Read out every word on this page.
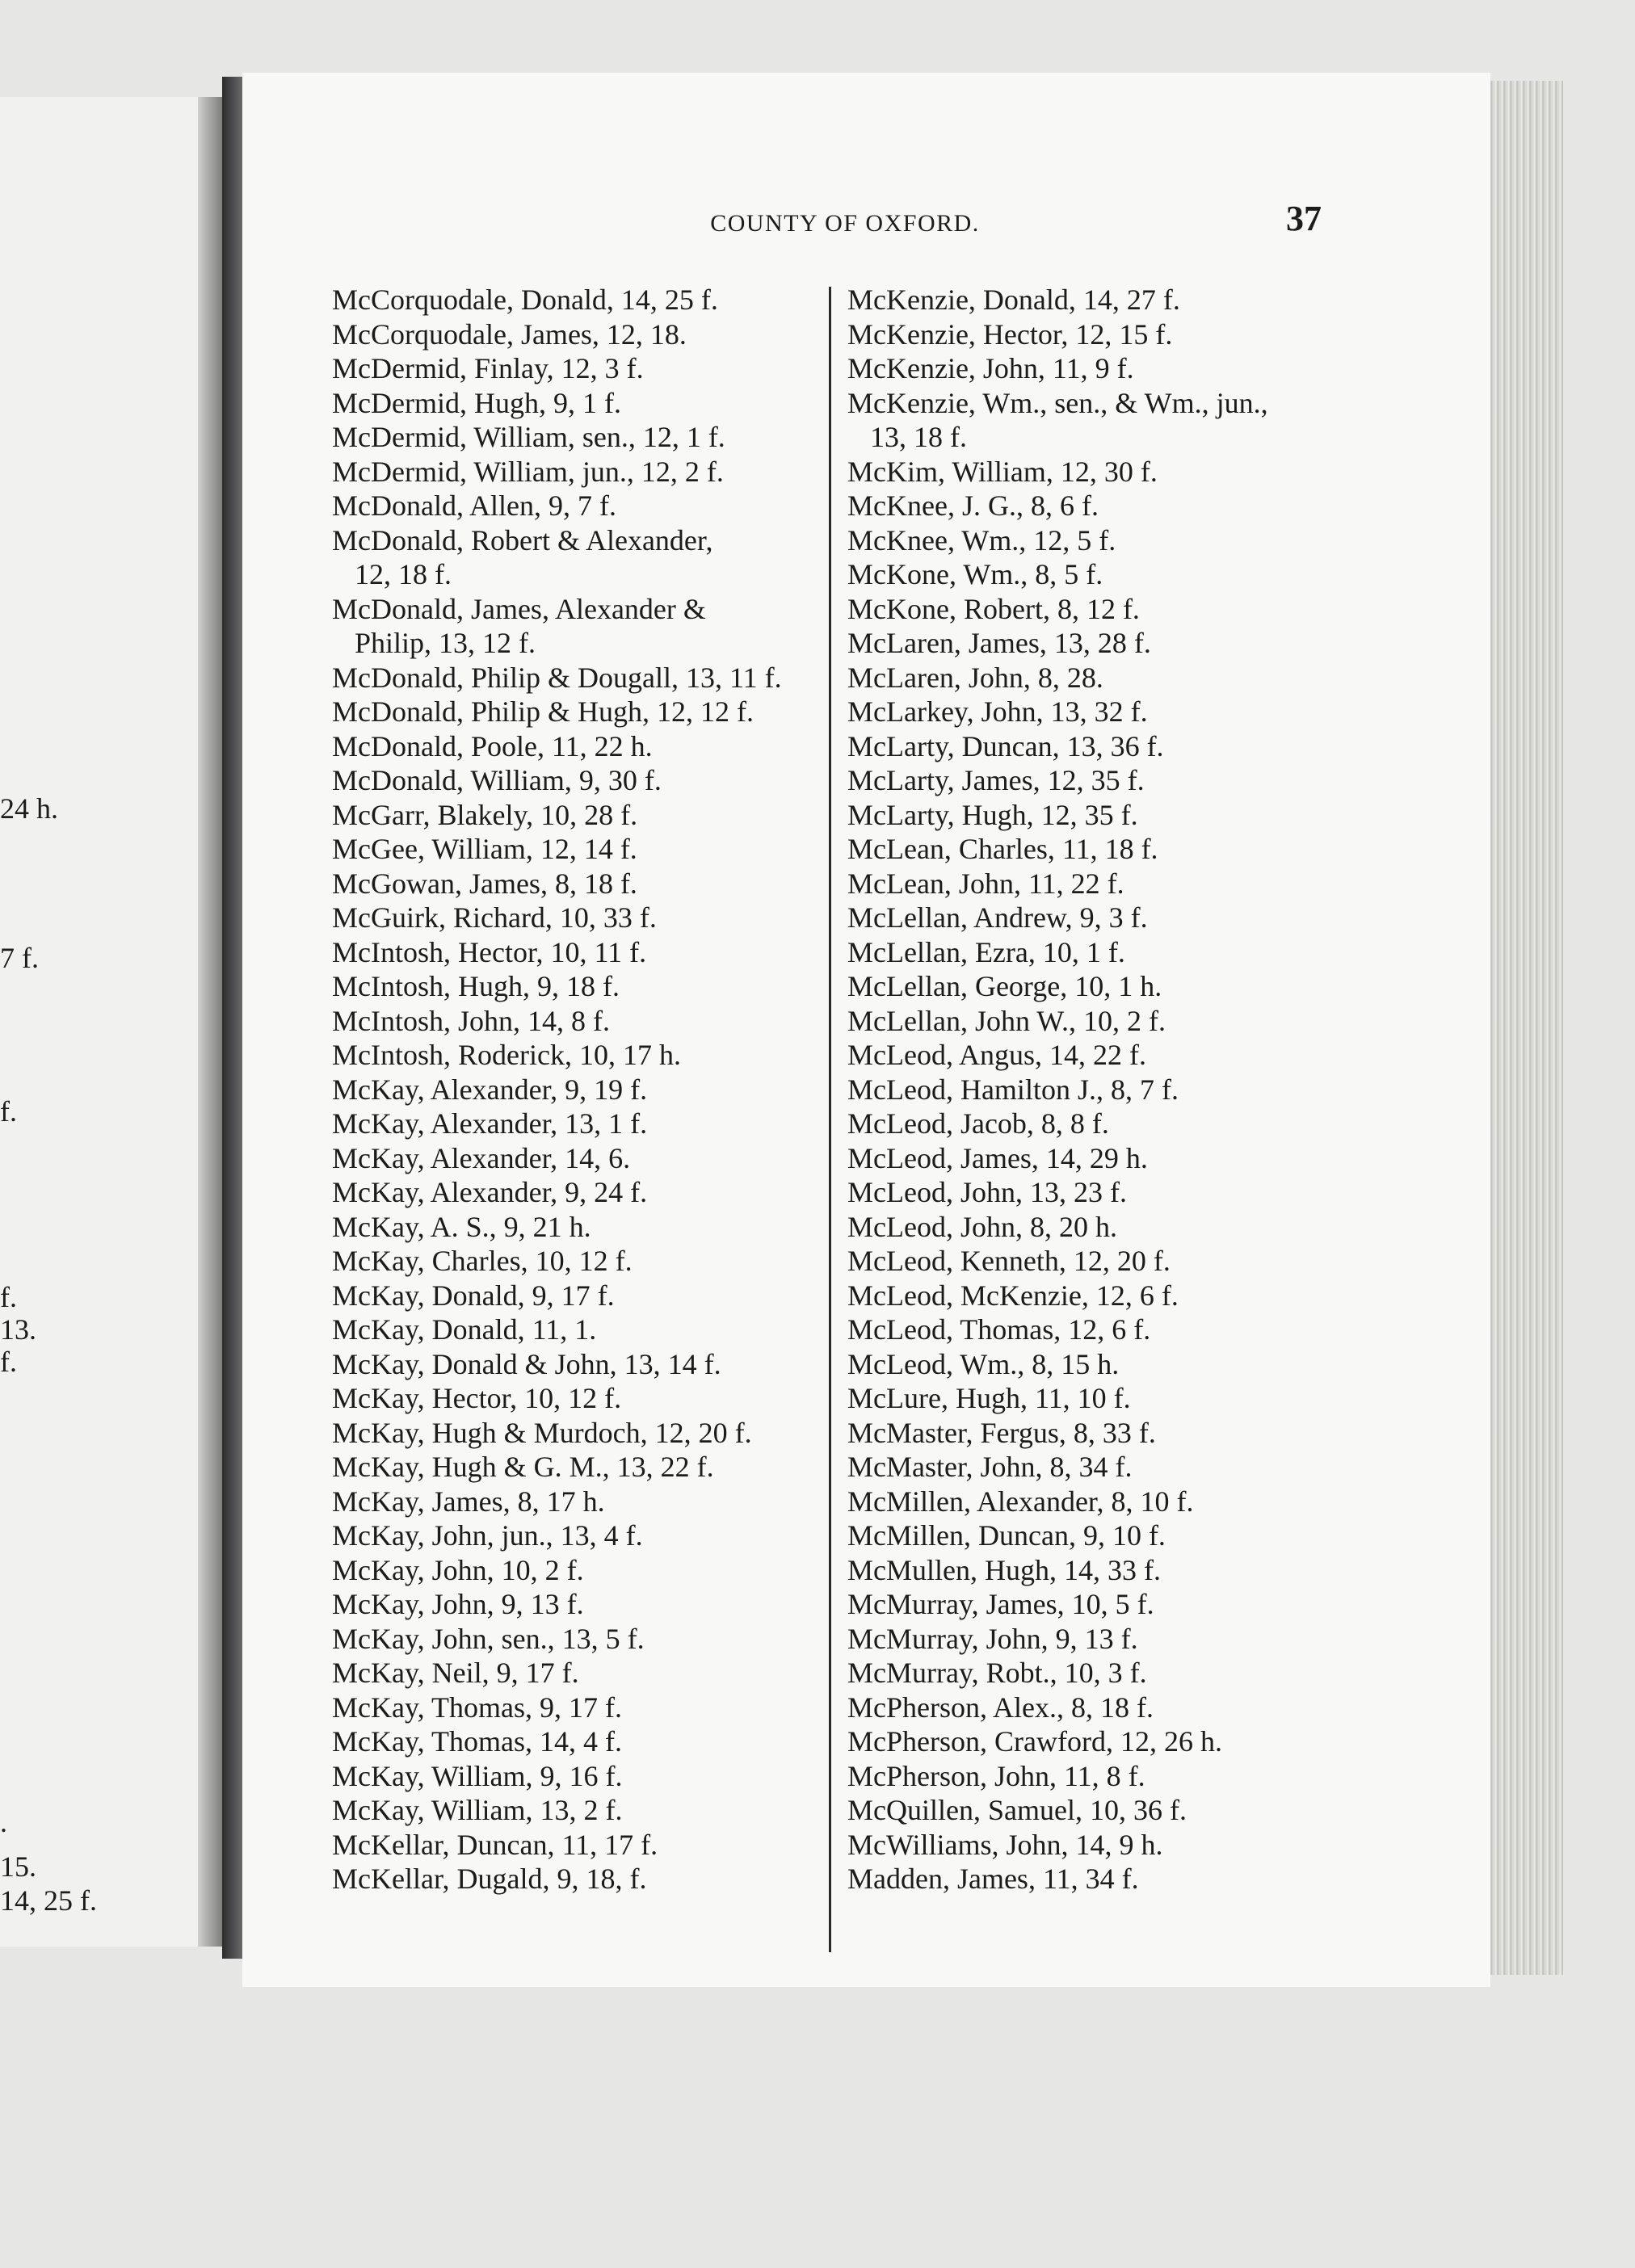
24 h.
7 f.
f.
f.
13.
f.
.
15.
14, 25 f.
COUNTY OF OXFORD.	37
McCorquodale, Donald, 14, 25 f.
McCorquodale, James, 12, 18.
McDermid, Finlay, 12, 3 f.
McDermid, Hugh, 9, 1 f.
McDermid, William, sen., 12, 1 f.
McDermid, William, jun., 12, 2 f.
McDonald, Allen, 9, 7 f.
McDonald, Robert & Alexander,
12, 18 f.
McDonald, James, Alexander &
Philip, 13, 12 f.
McDonald, Philip & Dougall, 13, 11 f.
McDonald, Philip & Hugh, 12, 12 f.
McDonald, Poole, 11, 22 h.
McDonald, William, 9, 30 f.
McGarr, Blakely, 10, 28 f.
McGee, William, 12, 14 f.
McGowan, James, 8, 18 f.
McGuirk, Richard, 10, 33 f.
McIntosh, Hector, 10, 11 f.
McIntosh, Hugh, 9, 18 f.
McIntosh, John, 14, 8 f.
McIntosh, Roderick, 10, 17 h.
McKay, Alexander, 9, 19 f.
McKay, Alexander, 13, 1 f.
McKay, Alexander, 14, 6.
McKay, Alexander, 9, 24 f.
McKay, A. S., 9, 21 h.
McKay, Charles, 10, 12 f.
McKay, Donald, 9, 17 f.
McKay, Donald, 11, 1.
McKay, Donald & John, 13, 14 f.
McKay, Hector, 10, 12 f.
McKay, Hugh & Murdoch, 12, 20 f.
McKay, Hugh & G. M., 13, 22 f.
McKay, James, 8, 17 h.
McKay, John, jun., 13, 4 f.
McKay, John, 10, 2 f.
McKay, John, 9, 13 f.
McKay, John, sen., 13, 5 f.
McKay, Neil, 9, 17 f.
McKay, Thomas, 9, 17 f.
McKay, Thomas, 14, 4 f.
McKay, William, 9, 16 f.
McKay, William, 13, 2 f.
McKellar, Duncan, 11, 17 f.
McKellar, Dugald, 9, 18, f.
McKenzie, Donald, 14, 27 f.
McKenzie, Hector, 12, 15 f.
McKenzie, John, 11, 9 f.
McKenzie, Wm., sen., & Wm., jun.,
13, 18 f.
McKim, William, 12, 30 f.
McKnee, J. G., 8, 6 f.
McKnee, Wm., 12, 5 f.
McKone, Wm., 8, 5 f.
McKone, Robert, 8, 12 f.
McLaren, James, 13, 28 f.
McLaren, John, 8, 28.
McLarkey, John, 13, 32 f.
McLarty, Duncan, 13, 36 f.
McLarty, James, 12, 35 f.
McLarty, Hugh, 12, 35 f.
McLean, Charles, 11, 18 f.
McLean, John, 11, 22 f.
McLellan, Andrew, 9, 3 f.
McLellan, Ezra, 10, 1 f.
McLellan, George, 10, 1 h.
McLellan, John W., 10, 2 f.
McLeod, Angus, 14, 22 f.
McLeod, Hamilton J., 8, 7 f.
McLeod, Jacob, 8, 8 f.
McLeod, James, 14, 29 h.
McLeod, John, 13, 23 f.
McLeod, John, 8, 20 h.
McLeod, Kenneth, 12, 20 f.
McLeod, McKenzie, 12, 6 f.
McLeod, Thomas, 12, 6 f.
McLeod, Wm., 8, 15 h.
McLure, Hugh, 11, 10 f.
McMaster, Fergus, 8, 33 f.
McMaster, John, 8, 34 f.
McMillen, Alexander, 8, 10 f.
McMillen, Duncan, 9, 10 f.
McMullen, Hugh, 14, 33 f.
McMurray, James, 10, 5 f.
McMurray, John, 9, 13 f.
McMurray, Robt., 10, 3 f.
McPherson, Alex., 8, 18 f.
McPherson, Crawford, 12, 26 h.
McPherson, John, 11, 8 f.
McQuillen, Samuel, 10, 36 f.
McWilliams, John, 14, 9 h.
Madden, James, 11, 34 f.
